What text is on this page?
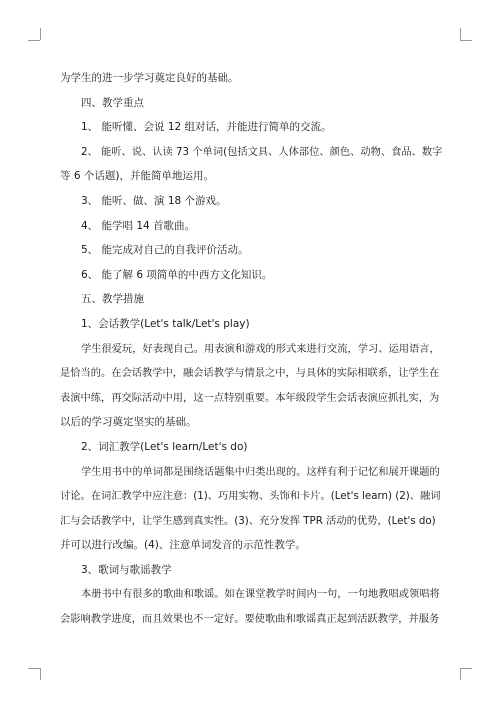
为学生的进一步学习奠定良好的基础。
四、教学重点
1、 能听懂、会说 12 组对话，并能进行简单的交流。
2、 能听、说、认读 73 个单词(包括文具、人体部位、颜色、动物、食品、数字
等 6 个话题)，并能简单地运用。
3、 能听、做、演 18 个游戏。
4、 能学唱 14 首歌曲。
5、 能完成对自己的自我评价活动。
6、 能了解 6 项简单的中西方文化知识。
五、教学措施
1、会话教学(Let's talk/Let's play)
学生很爱玩，好表现自己。用表演和游戏的形式来进行交流，学习、运用语言，
是恰当的。在会话教学中，融会话教学与情景之中，与具体的实际相联系，让学生在
表演中练，再交际活动中用，这一点特别重要。本年级段学生会话表演应抓扎实，为
以后的学习奠定坚实的基础。
2、词汇教学(Let's learn/Let's do)
学生用书中的单词都是围绕话题集中归类出现的。这样有利于记忆和展开课题的
讨论。在词汇教学中应注意：(1)、巧用实物、头饰和卡片。(Let's learn) (2)、融词
汇与会话教学中，让学生感到真实性。(3)、充分发挥 TPR 活动的优势，(Let's do)
并可以进行改编。(4)、注意单词发音的示范性教学。
3、歌词与歌谣教学
本册书中有很多的歌曲和歌谣。如在课堂教学时间内一句，一句地教唱或领唱将
会影响教学进度，而且效果也不一定好。要使歌曲和歌谣真正起到活跃教学，并服务
